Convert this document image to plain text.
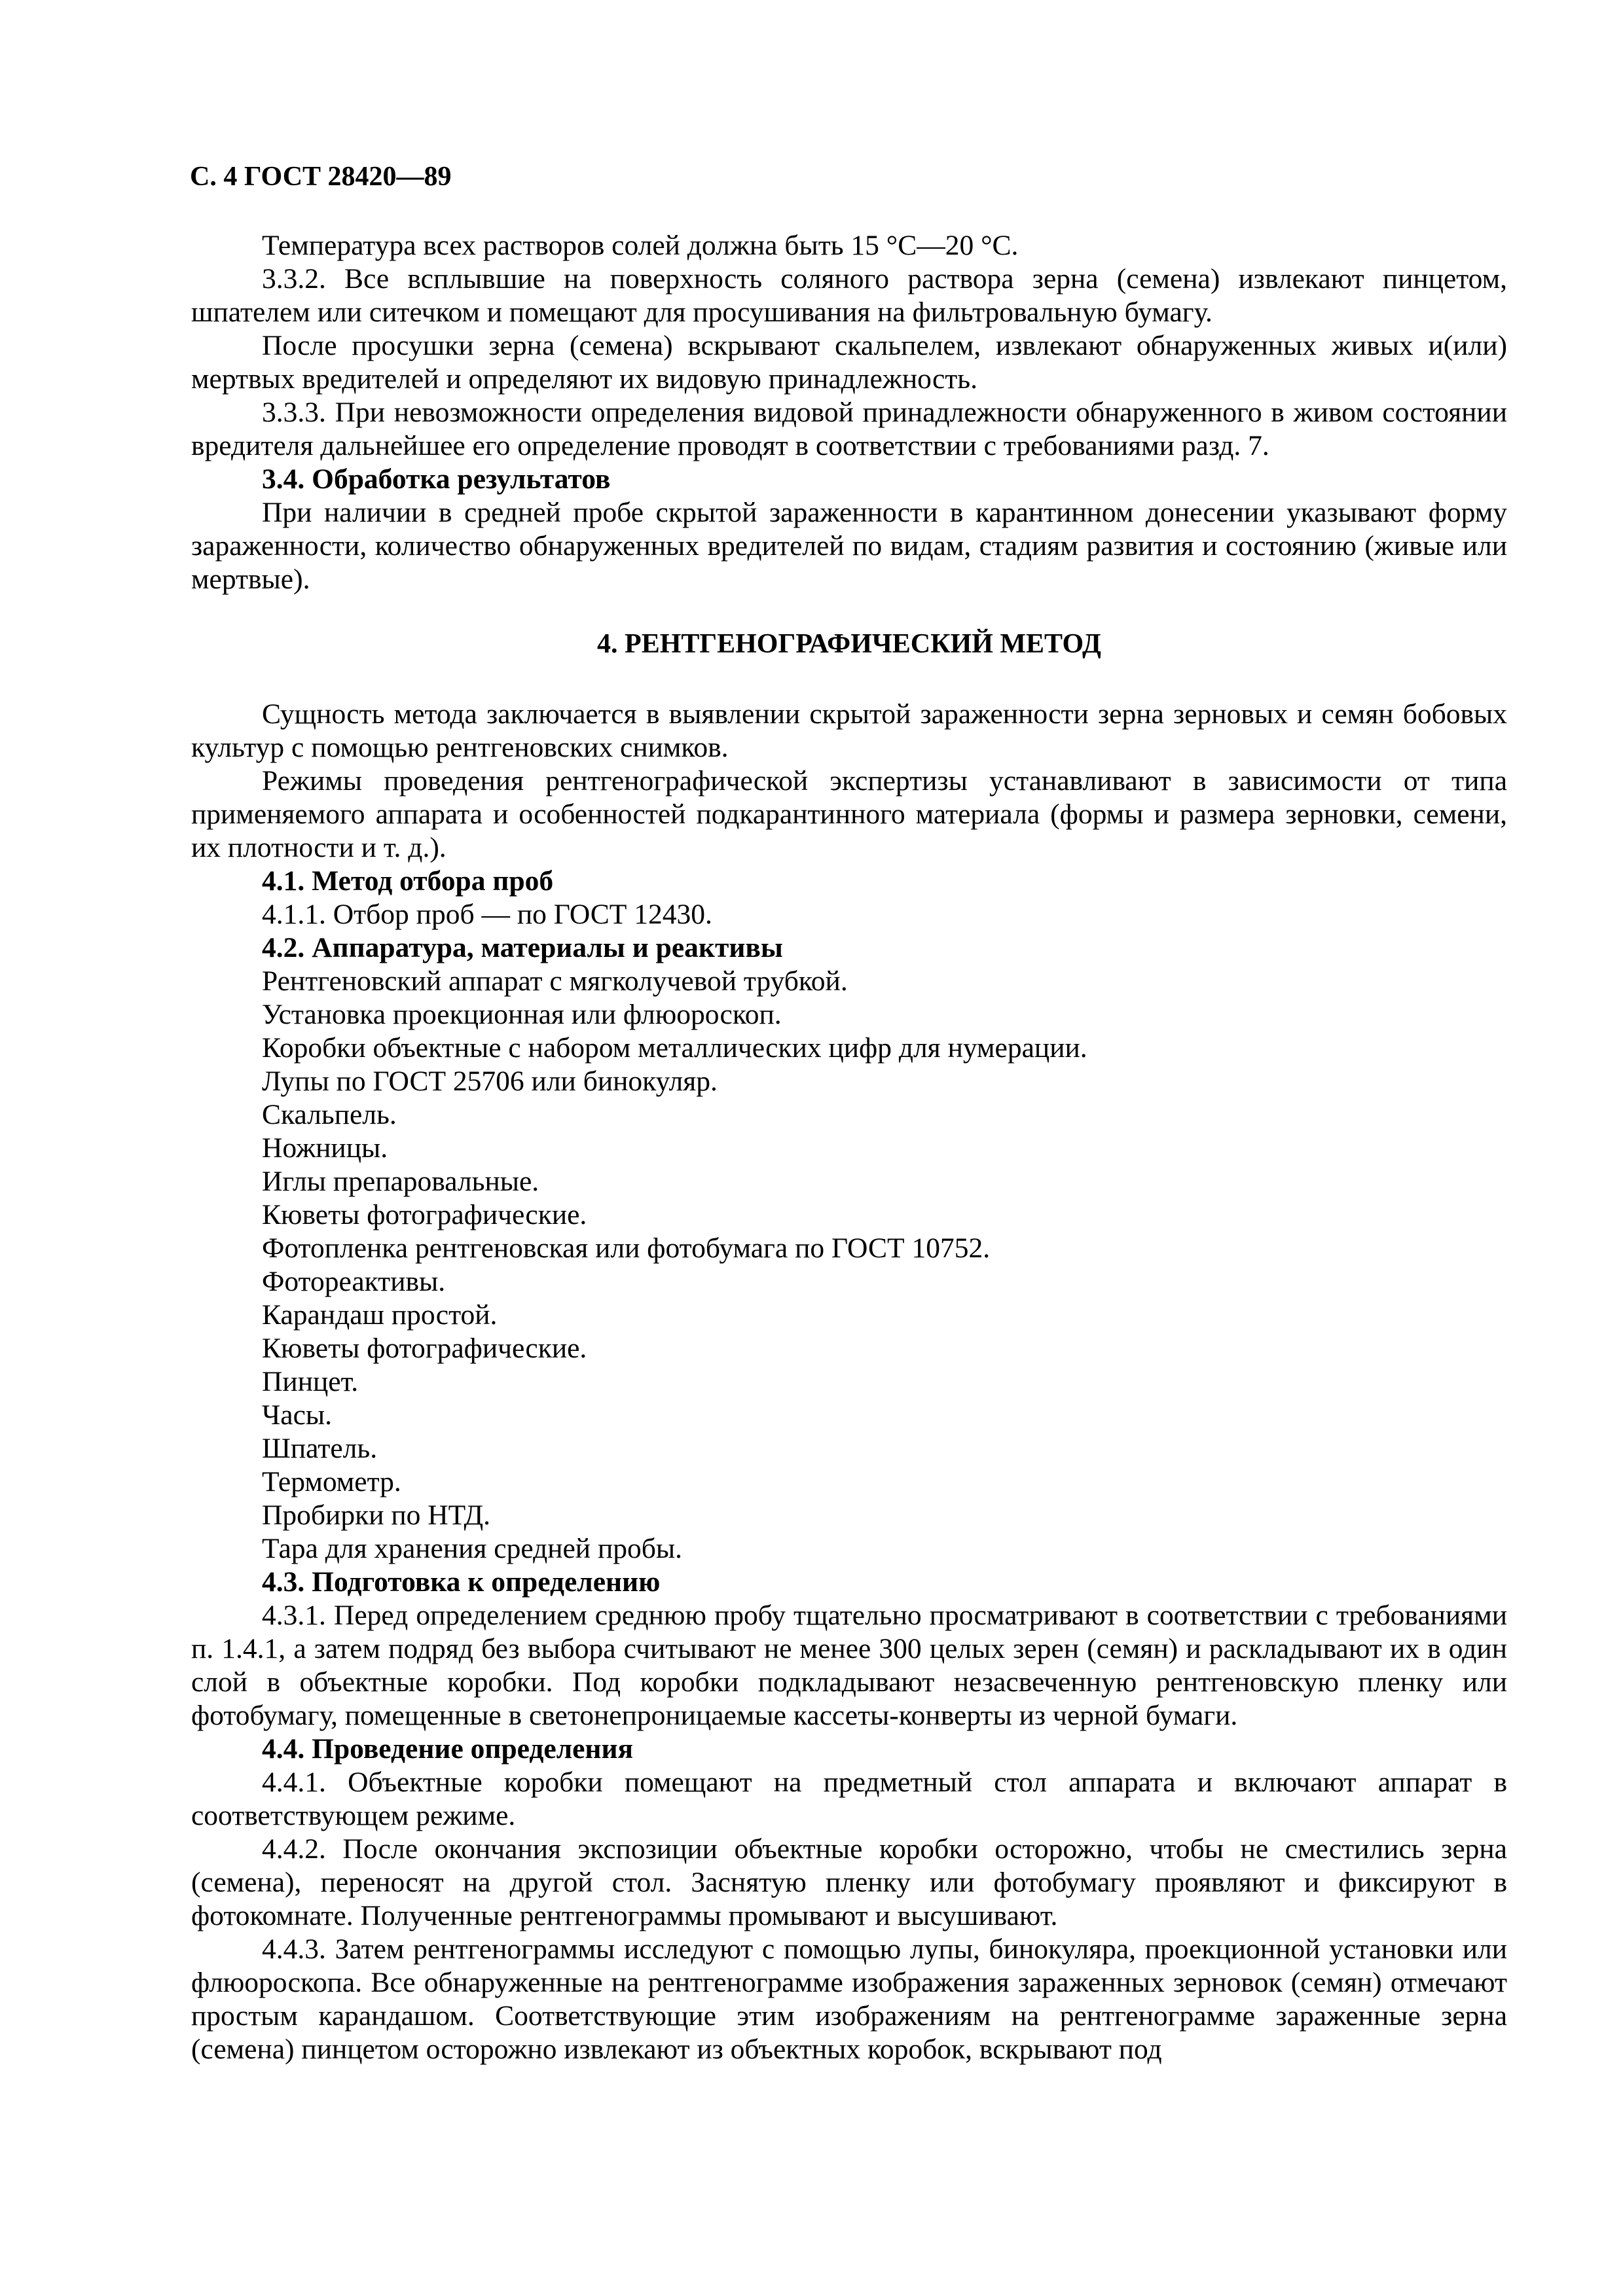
С. 4 ГОСТ 28420—89

Температура всех растворов солей должна быть 15 °С—20 °С.

3.3.2. Все всплывшие на поверхность соляного раствора зерна (семена) извлекают пинцетом, шпателем или ситечком и помещают для просушивания на фильтровальную бумагу.

После просушки зерна (семена) вскрывают скальпелем, извлекают обнаруженных живых и(или) мертвых вредителей и определяют их видовую принадлежность.

3.3.3. При невозможности определения видовой принадлежности обнаруженного в живом состоянии вредителя дальнейшее его определение проводят в соответствии с требованиями разд. 7.

3.4. Обработка результатов

При наличии в средней пробе скрытой зараженности в карантинном донесении указывают форму зараженности, количество обнаруженных вредителей по видам, стадиям развития и состоянию (живые или мертвые).

4. РЕНТГЕНОГРАФИЧЕСКИЙ МЕТОД

Сущность метода заключается в выявлении скрытой зараженности зерна зерновых и семян бобовых культур с помощью рентгеновских снимков.

Режимы проведения рентгенографической экспертизы устанавливают в зависимости от типа применяемого аппарата и особенностей подкарантинного материала (формы и размера зерновки, семени, их плотности и т. д.).

4.1. Метод отбора проб

4.1.1. Отбор проб — по ГОСТ 12430.

4.2. Аппаратура, материалы и реактивы

Рентгеновский аппарат с мягколучевой трубкой.

Установка проекционная или флюороскоп.

Коробки объектные с набором металлических цифр для нумерации.

Лупы по ГОСТ 25706 или бинокуляр.

Скальпель.

Ножницы.

Иглы препаровальные.

Кюветы фотографические.

Фотопленка рентгеновская или фотобумага по ГОСТ 10752.

Фотореактивы.

Карандаш простой.

Кюветы фотографические.

Пинцет.

Часы.

Шпатель.

Термометр.

Пробирки по НТД.

Тара для хранения средней пробы.

4.3. Подготовка к определению

4.3.1. Перед определением среднюю пробу тщательно просматривают в соответствии с требованиями п. 1.4.1, а затем подряд без выбора считывают не менее 300 целых зерен (семян) и раскладывают их в один слой в объектные коробки. Под коробки подкладывают незасвеченную рентгеновскую пленку или фотобумагу, помещенные в светонепроницаемые кассеты-конверты из черной бумаги.

4.4. Проведение определения

4.4.1. Объектные коробки помещают на предметный стол аппарата и включают аппарат в соответствующем режиме.

4.4.2. После окончания экспозиции объектные коробки осторожно, чтобы не сместились зерна (семена), переносят на другой стол. Заснятую пленку или фотобумагу проявляют и фиксируют в фотокомнате. Полученные рентгенограммы промывают и высушивают.

4.4.3. Затем рентгенограммы исследуют с помощью лупы, бинокуляра, проекционной установки или флюороскопа. Все обнаруженные на рентгенограмме изображения зараженных зерновок (семян) отмечают простым карандашом. Соответствующие этим изображениям на рентгенограмме зараженные зерна (семена) пинцетом осторожно извлекают из объектных коробок, вскрывают под
